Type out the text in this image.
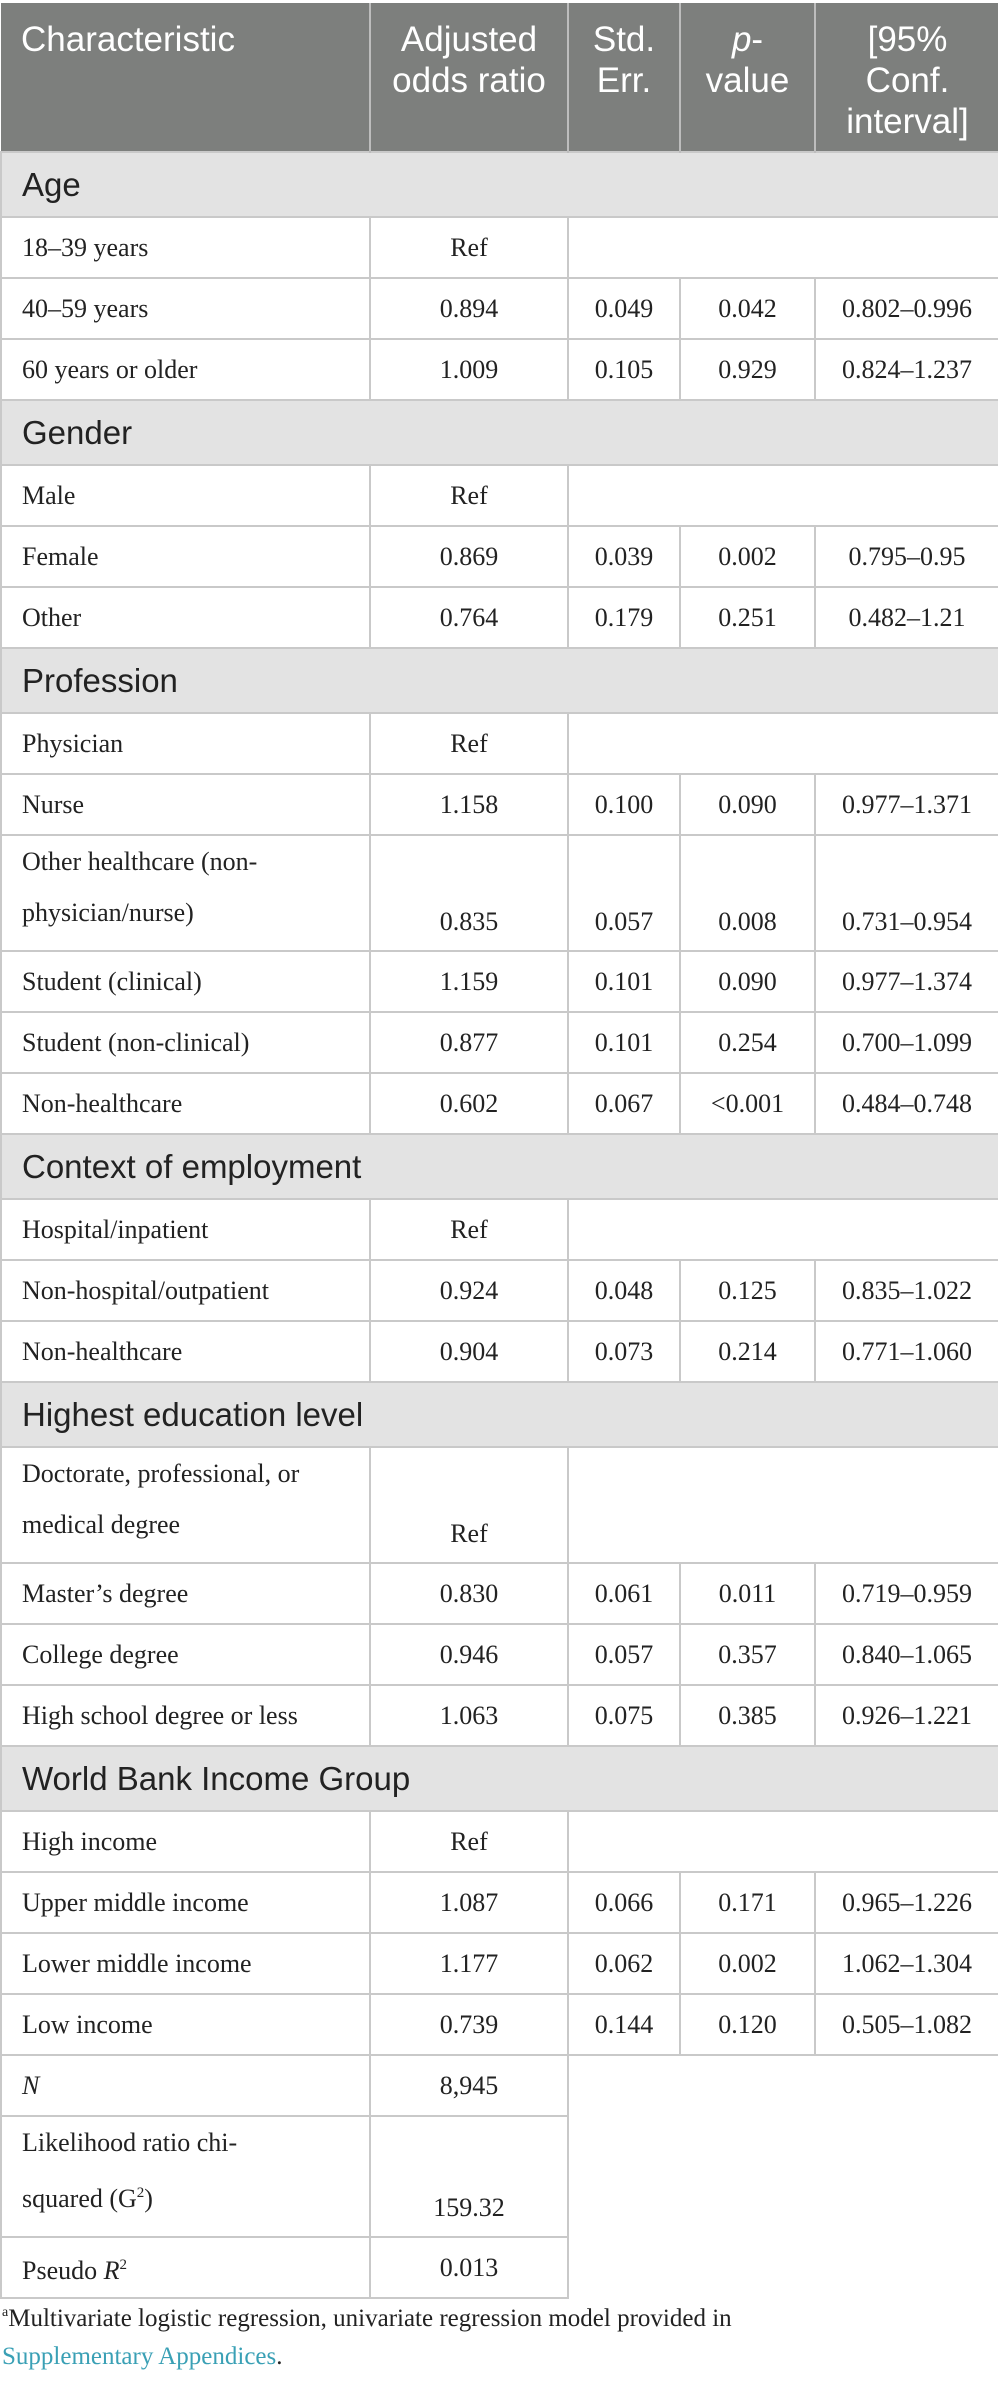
Characteristic	Adjusted odds ratio	Std. Err.	p-value	[95% Conf. interval]
Age				
18–39 years	Ref			
40–59 years	0.894	0.049	0.042	0.802–0.996
60 years or older	1.009	0.105	0.929	0.824–1.237
Gender				
Male	Ref			
Female	0.869	0.039	0.002	0.795–0.95
Other	0.764	0.179	0.251	0.482–1.21
Profession				
Physician	Ref			
Nurse	1.158	0.100	0.090	0.977–1.371
Other healthcare (non-
physician/nurse)	0.835	0.057	0.008	0.731–0.954
Student (clinical)	1.159	0.101	0.090	0.977–1.374
Student (non-clinical)	0.877	0.101	0.254	0.700–1.099
Non-healthcare	0.602	0.067	<0.001	0.484–0.748
Context of employment				
Hospital/inpatient	Ref			
Non-hospital/outpatient	0.924	0.048	0.125	0.835–1.022
Non-healthcare	0.904	0.073	0.214	0.771–1.060
Highest education level				
Doctorate, professional, or
medical degree	Ref			
Master’s degree	0.830	0.061	0.011	0.719–0.959
College degree	0.946	0.057	0.357	0.840–1.065
High school degree or less	1.063	0.075	0.385	0.926–1.221
World Bank Income Group				
High income	Ref			
Upper middle income	1.087	0.066	0.171	0.965–1.226
Lower middle income	1.177	0.062	0.002	1.062–1.304
Low income	0.739	0.144	0.120	0.505–1.082
N	8,945			
Likelihood ratio chi-
squared $(G^2)$	159.32			
Pseudo $R^2$	0.013			
$^a$Multivariate logistic regression, univariate regression model provided in
Supplementary Appendices.
